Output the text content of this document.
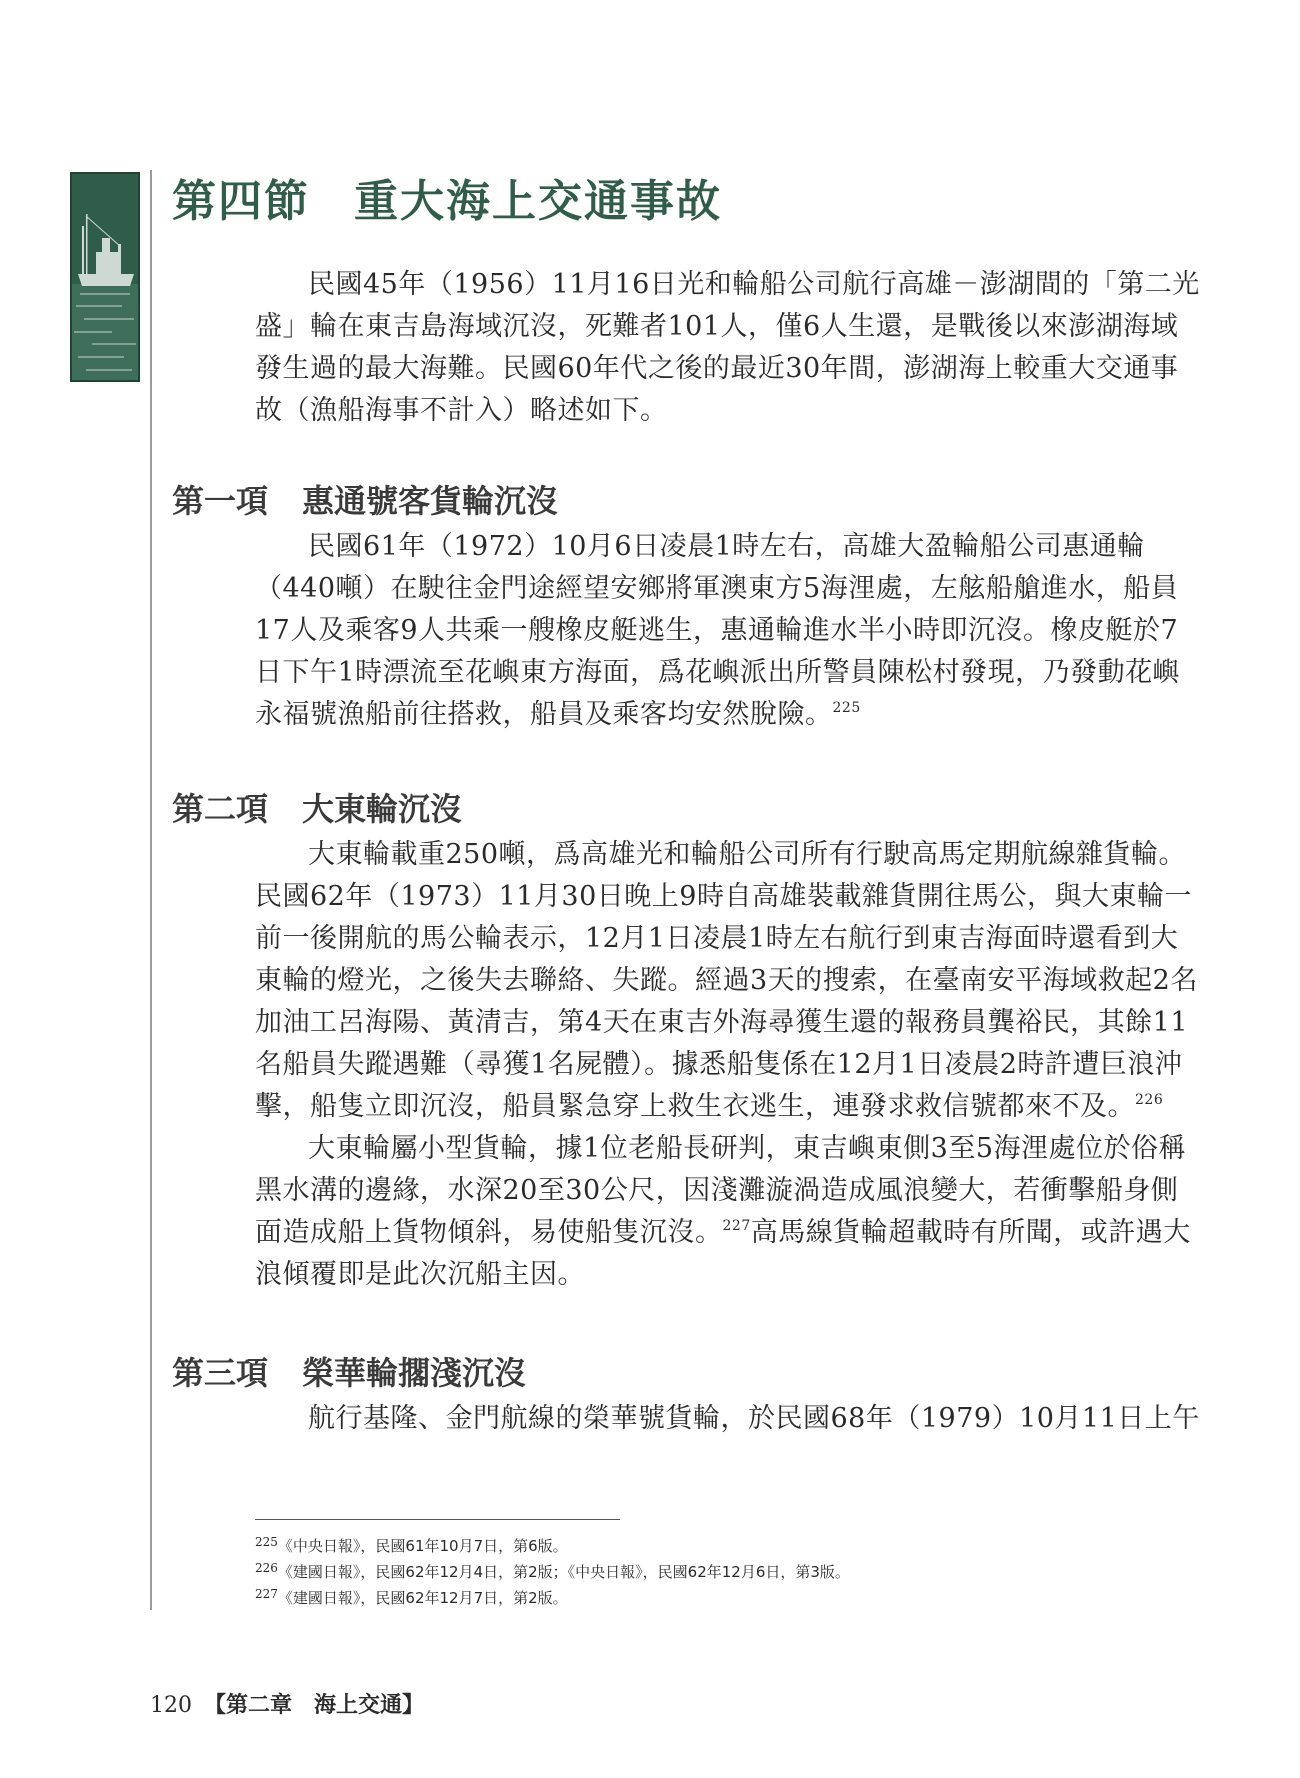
第四節 重大海上交通事故

民國45年（1956）11月16日光和輪船公司航行高雄－澎湖間的「第二光
盛」輪在東吉島海域沉沒，死難者101人，僅6人生還，是戰後以來澎湖海域
發生過的最大海難。民國60年代之後的最近30年間，澎湖海上較重大交通事
故（漁船海事不計入）略述如下。

第一項 惠通號客貨輪沉沒

民國61年（1972）10月6日凌晨1時左右，高雄大盈輪船公司惠通輪
（440噸）在駛往金門途經望安鄉將軍澳東方5海浬處，左舷船艙進水，船員
17人及乘客9人共乘一艘橡皮艇逃生，惠通輪進水半小時即沉沒。橡皮艇於7
日下午1時漂流至花嶼東方海面，爲花嶼派出所警員陳松村發現，乃發動花嶼
永福號漁船前往搭救，船員及乘客均安然脫險。$^{225}$

第二項 大東輪沉沒

大東輪載重250噸，爲高雄光和輪船公司所有行駛高馬定期航線雜貨輪。
民國62年（1973）11月30日晚上9時自高雄裝載雜貨開往馬公，與大東輪一
前一後開航的馬公輪表示，12月1日凌晨1時左右航行到東吉海面時還看到大
東輪的燈光，之後失去聯絡、失蹤。經過3天的搜索，在臺南安平海域救起2名
加油工呂海陽、黃清吉，第4天在東吉外海尋獲生還的報務員龔裕民，其餘11
名船員失蹤遇難（尋獲1名屍體）。據悉船隻係在12月1日凌晨2時許遭巨浪沖
擊，船隻立即沉沒，船員緊急穿上救生衣逃生，連發求救信號都來不及。$^{226}$

大東輪屬小型貨輪，據1位老船長研判，東吉嶼東側3至5海浬處位於俗稱
黑水溝的邊緣，水深20至30公尺，因淺灘漩渦造成風浪變大，若衝擊船身側
面造成船上貨物傾斜，易使船隻沉沒。$^{227}$高馬線貨輪超載時有所聞，或許遇大
浪傾覆即是此次沉船主因。

第三項 榮華輪擱淺沉沒

航行基隆、金門航線的榮華號貨輪，於民國68年（1979）10月11日上午

$^{225}$《中央日報》，民國61年10月7日，第6版。
$^{226}$《建國日報》，民國62年12月4日，第2版；《中央日報》，民國62年12月6日，第3版。
$^{227}$《建國日報》，民國62年12月7日，第2版。
120 【第二章　海上交通】
